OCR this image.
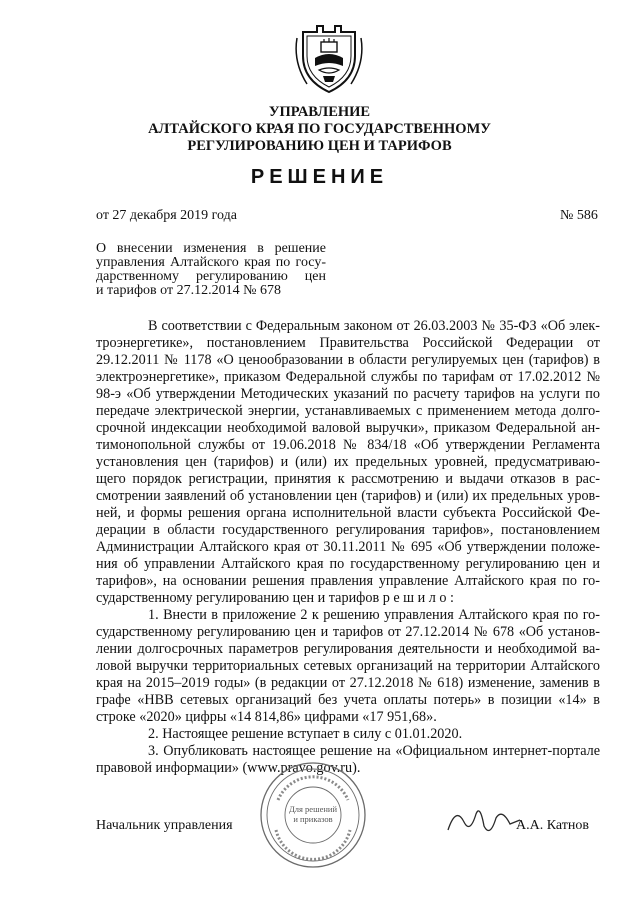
УПРАВЛЕНИЕ
АЛТАЙСКОГО КРАЯ ПО ГОСУДАРСТВЕННОМУ
РЕГУЛИРОВАНИЮ ЦЕН И ТАРИФОВ
РЕШЕНИЕ
от 27 декабря 2019 года	№ 586
О внесении изменения в решение
управления Алтайского края по госу-
дарственному регулированию цен
и тарифов от 27.12.2014 № 678
В соответствии с Федеральным законом от 26.03.2003 № 35-ФЗ «Об элек-
троэнергетике», постановлением Правительства Российской Федерации от
29.12.2011 № 1178 «О ценообразовании в области регулируемых цен (тарифов) в
электроэнергетике», приказом Федеральной службы по тарифам от 17.02.2012 №
98-э «Об утверждении Методических указаний по расчету тарифов на услуги по
передаче электрической энергии, устанавливаемых с применением метода долго-
срочной индексации необходимой валовой выручки», приказом Федеральной ан-
тимонопольной службы от 19.06.2018 № 834/18 «Об утверждении Регламента
установления цен (тарифов) и (или) их предельных уровней, предусматриваю-
щего порядок регистрации, принятия к рассмотрению и выдачи отказов в рас-
смотрении заявлений об установлении цен (тарифов) и (или) их предельных уров-
ней, и формы решения органа исполнительной власти субъекта Российской Фе-
дерации в области государственного регулирования тарифов», постановлением
Администрации Алтайского края от 30.11.2011 № 695 «Об утверждении положе-
ния об управлении Алтайского края по государственному регулированию цен и
тарифов», на основании решения правления управление Алтайского края по го-
сударственному регулированию цен и тарифов р е ш и л о :
1. Внести в приложение 2 к решению управления Алтайского края по го-
сударственному регулированию цен и тарифов от 27.12.2014 № 678 «Об установ-
лении долгосрочных параметров регулирования деятельности и необходимой ва-
ловой выручки территориальных сетевых организаций на территории Алтайского
края на 2015–2019 годы» (в редакции от 27.12.2018 № 618) изменение, заменив в
графе «НВВ сетевых организаций без учета оплаты потерь» в позиции «14» в
строке «2020» цифры «14 814,86» цифрами «17 951,68».
2. Настоящее решение вступает в силу с 01.01.2020.
3. Опубликовать настоящее решение на «Официальном интернет-портале
правовой информации» (www.pravo.gov.ru).
Для решений
и приказов
Начальник управления	А.А. Катнов
